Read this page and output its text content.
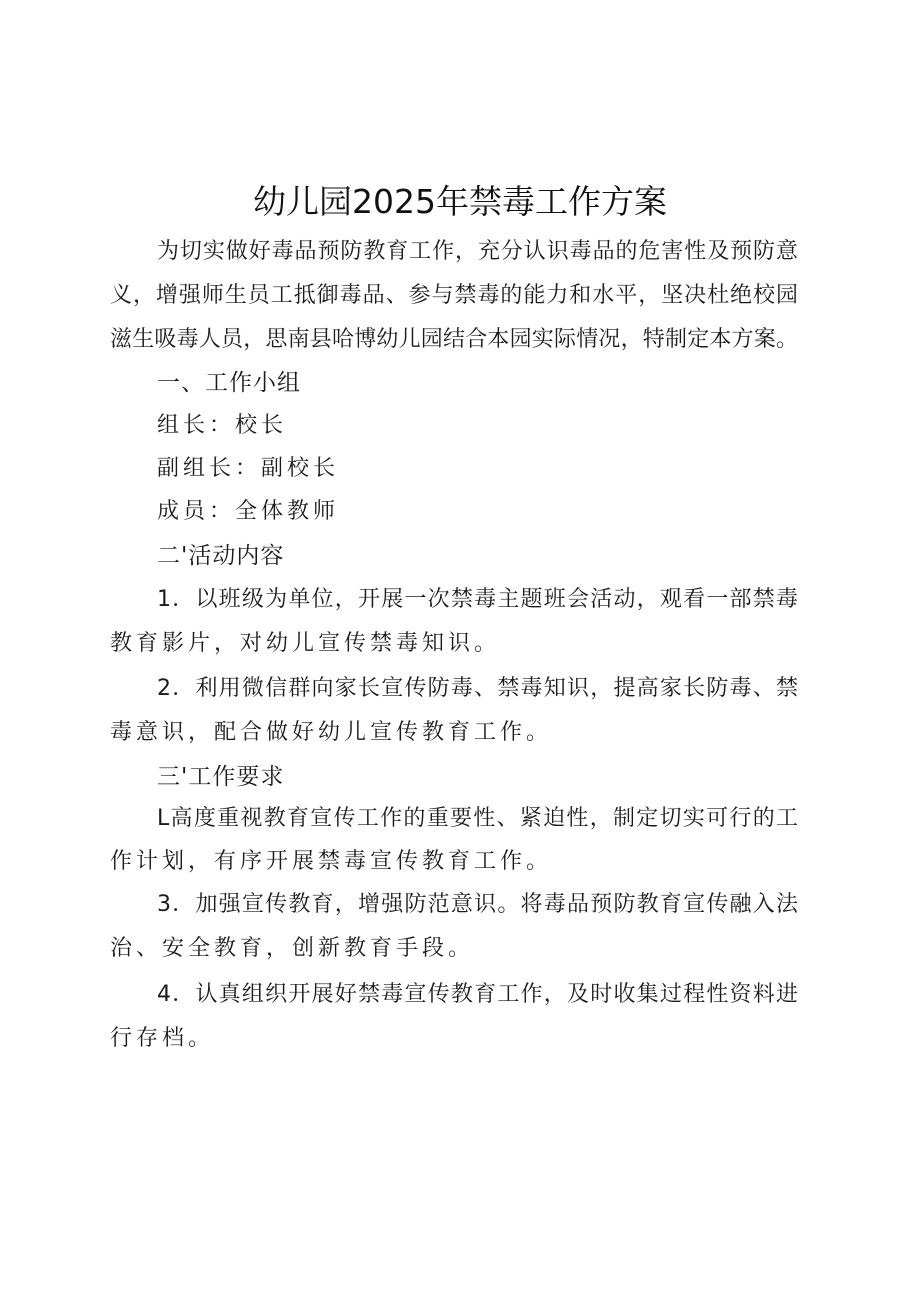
幼儿园2025年禁毒工作方案
为切实做好毒品预防教育工作，充分认识毒品的危害性及预防意
义，增强师生员工抵御毒品、参与禁毒的能力和水平，坚决杜绝校园
滋生吸毒人员，思南县哈博幼儿园结合本园实际情况，特制定本方案。
一、工作小组
组长：校长
副组长：副校长
成员：全体教师
二'活动内容
1．以班级为单位，开展一次禁毒主题班会活动，观看一部禁毒
教育影片，对幼儿宣传禁毒知识。
2．利用微信群向家长宣传防毒、禁毒知识，提高家长防毒、禁
毒意识，配合做好幼儿宣传教育工作。
三'工作要求
L高度重视教育宣传工作的重要性、紧迫性，制定切实可行的工
作计划，有序开展禁毒宣传教育工作。
3．加强宣传教育，增强防范意识。将毒品预防教育宣传融入法
治、安全教育，创新教育手段。
4．认真组织开展好禁毒宣传教育工作，及时收集过程性资料进
行存档。
